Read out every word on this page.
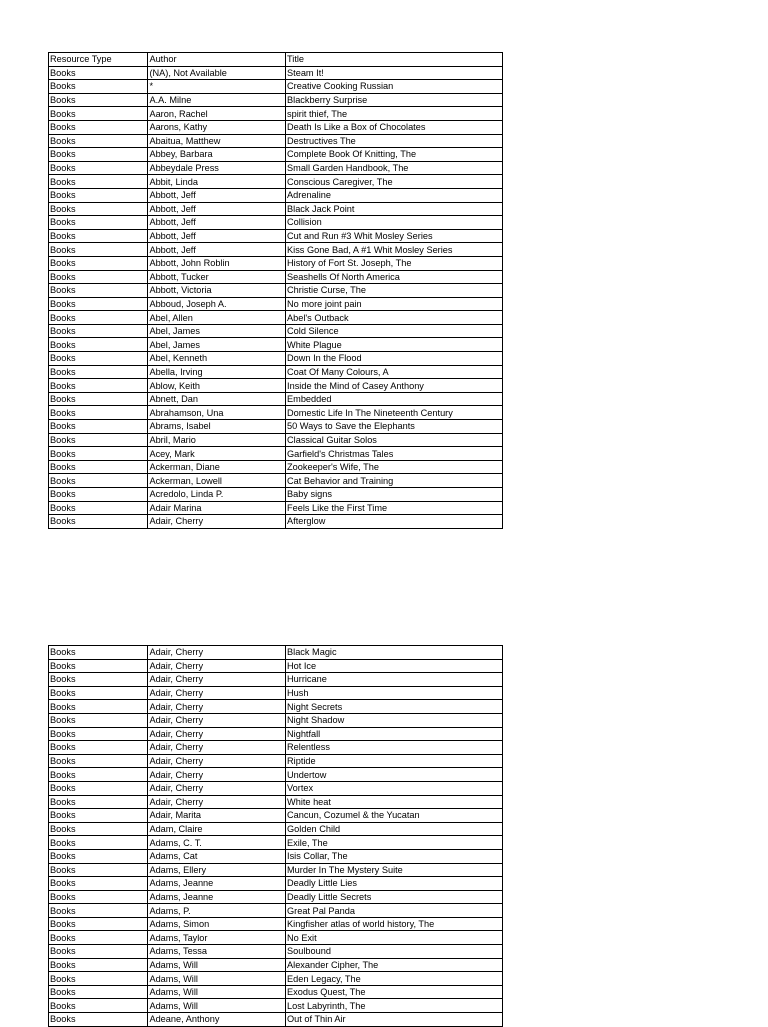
Resource Type	Author	Title
Books	(NA), Not Available	Steam It!
Books	*	Creative Cooking Russian
Books	A.A. Milne	Blackberry Surprise
Books	Aaron, Rachel	spirit thief, The
Books	Aarons, Kathy	Death Is Like a Box of Chocolates
Books	Abaitua, Matthew	Destructives The
Books	Abbey, Barbara	Complete Book Of Knitting, The
Books	Abbeydale Press	Small Garden Handbook, The
Books	Abbit, Linda	Conscious Caregiver, The
Books	Abbott, Jeff	Adrenaline
Books	Abbott, Jeff	Black Jack Point
Books	Abbott, Jeff	Collision
Books	Abbott, Jeff	Cut and Run #3 Whit Mosley Series
Books	Abbott, Jeff	Kiss Gone Bad, A #1 Whit Mosley Series
Books	Abbott, John Roblin	History of Fort St. Joseph, The
Books	Abbott, Tucker	Seashells Of North America
Books	Abbott, Victoria	Christie Curse, The
Books	Abboud, Joseph A.	No more joint pain
Books	Abel, Allen	Abel's Outback
Books	Abel, James	Cold Silence
Books	Abel, James	White Plague
Books	Abel, Kenneth	Down In the Flood
Books	Abella, Irving	Coat Of Many Colours, A
Books	Ablow, Keith	Inside the Mind of Casey Anthony
Books	Abnett, Dan	Embedded
Books	Abrahamson, Una	Domestic Life In The Nineteenth Century
Books	Abrams, Isabel	50 Ways to Save the Elephants
Books	Abril, Mario	Classical Guitar Solos
Books	Acey, Mark	Garfield's Christmas Tales
Books	Ackerman, Diane	Zookeeper's Wife, The
Books	Ackerman, Lowell	Cat Behavior and Training
Books	Acredolo, Linda P.	Baby signs
Books	Adair Marina	Feels Like the First Time
Books	Adair, Cherry	Afterglow
Books	Adair, Cherry	Black Magic
Books	Adair, Cherry	Hot Ice
Books	Adair, Cherry	Hurricane
Books	Adair, Cherry	Hush
Books	Adair, Cherry	Night Secrets
Books	Adair, Cherry	Night Shadow
Books	Adair, Cherry	Nightfall
Books	Adair, Cherry	Relentless
Books	Adair, Cherry	Riptide
Books	Adair, Cherry	Undertow
Books	Adair, Cherry	Vortex
Books	Adair, Cherry	White heat
Books	Adair, Marita	Cancun, Cozumel & the Yucatan
Books	Adam, Claire	Golden Child
Books	Adams, C. T.	Exile, The
Books	Adams, Cat	Isis Collar, The
Books	Adams, Ellery	Murder In The Mystery Suite
Books	Adams, Jeanne	Deadly Little Lies
Books	Adams, Jeanne	Deadly Little Secrets
Books	Adams, P.	Great Pal Panda
Books	Adams, Simon	Kingfisher atlas of world history, The
Books	Adams, Taylor	No Exit
Books	Adams, Tessa	Soulbound
Books	Adams, Will	Alexander Cipher, The
Books	Adams, Will	Eden Legacy, The
Books	Adams, Will	Exodus Quest, The
Books	Adams, Will	Lost Labyrinth, The
Books	Adeane, Anthony	Out of Thin Air
